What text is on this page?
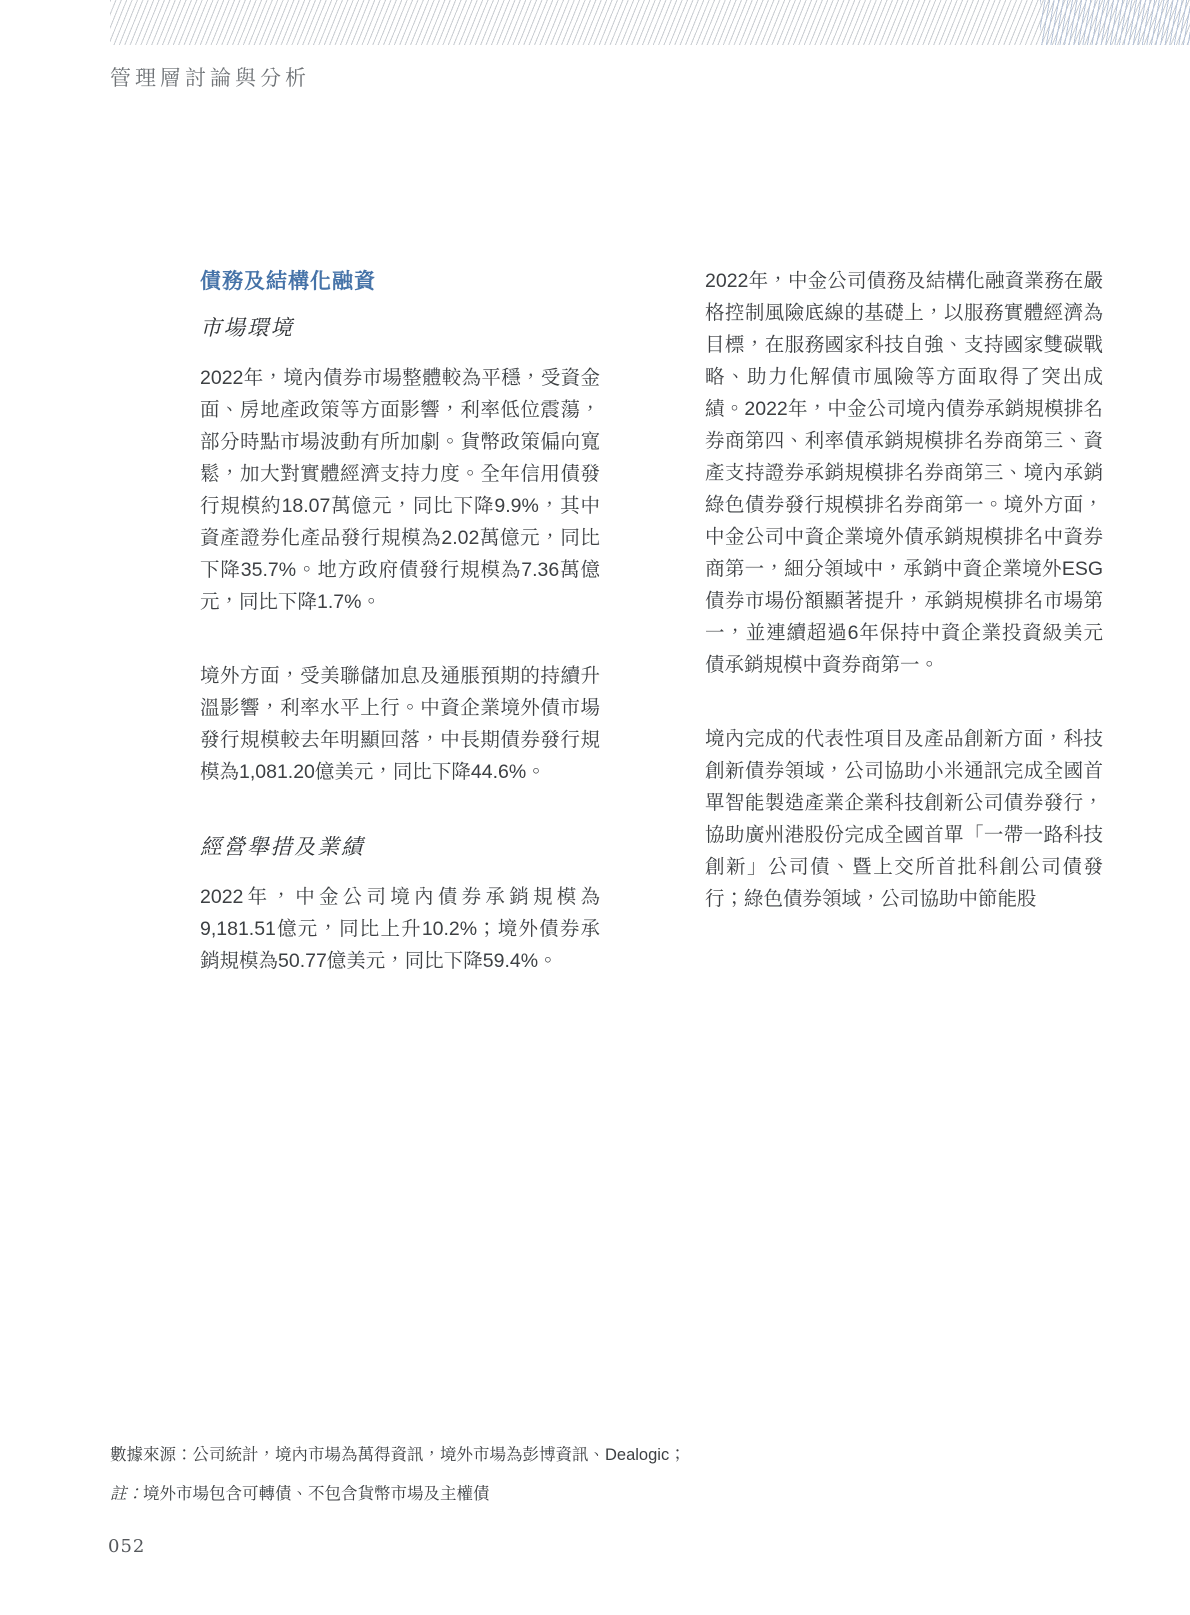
管理層討論與分析
債務及結構化融資
市場環境

2022年，境內債券市場整體較為平穩，受資金面、房地產政策等方面影響，利率低位震蕩，部分時點市場波動有所加劇。貨幣政策偏向寬鬆，加大對實體經濟支持力度。全年信用債發行規模約18.07萬億元，同比下降9.9%，其中資產證券化產品發行規模為2.02萬億元，同比下降35.7%。地方政府債發行規模為7.36萬億元，同比下降1.7%。

境外方面，受美聯儲加息及通脹預期的持續升溫影響，利率水平上行。中資企業境外債市場發行規模較去年明顯回落，中長期債券發行規模為1,081.20億美元，同比下降44.6%。

經營舉措及業績

2022年，中金公司境內債券承銷規模為9,181.51億元，同比上升10.2%；境外債券承銷規模為50.77億美元，同比下降59.4%。

2022年，中金公司債務及結構化融資業務在嚴格控制風險底線的基礎上，以服務實體經濟為目標，在服務國家科技自強、支持國家雙碳戰略、助力化解債市風險等方面取得了突出成績。2022年，中金公司境內債券承銷規模排名券商第四、利率債承銷規模排名券商第三、資產支持證券承銷規模排名券商第三、境內承銷綠色債券發行規模排名券商第一。境外方面，中金公司中資企業境外債承銷規模排名中資券商第一，細分領域中，承銷中資企業境外ESG債券市場份額顯著提升，承銷規模排名市場第一，並連續超過6年保持中資企業投資級美元債承銷規模中資券商第一。

境內完成的代表性項目及產品創新方面，科技創新債券領域，公司協助小米通訊完成全國首單智能製造產業企業科技創新公司債券發行，協助廣州港股份完成全國首單「一帶一路科技創新」公司債、暨上交所首批科創公司債發行；綠色債券領域，公司協助中節能股

數據來源：公司統計，境內市場為萬得資訊，境外市場為彭博資訊、Dealogic；

註：境外市場包含可轉債、不包含貨幣市場及主權債

052
